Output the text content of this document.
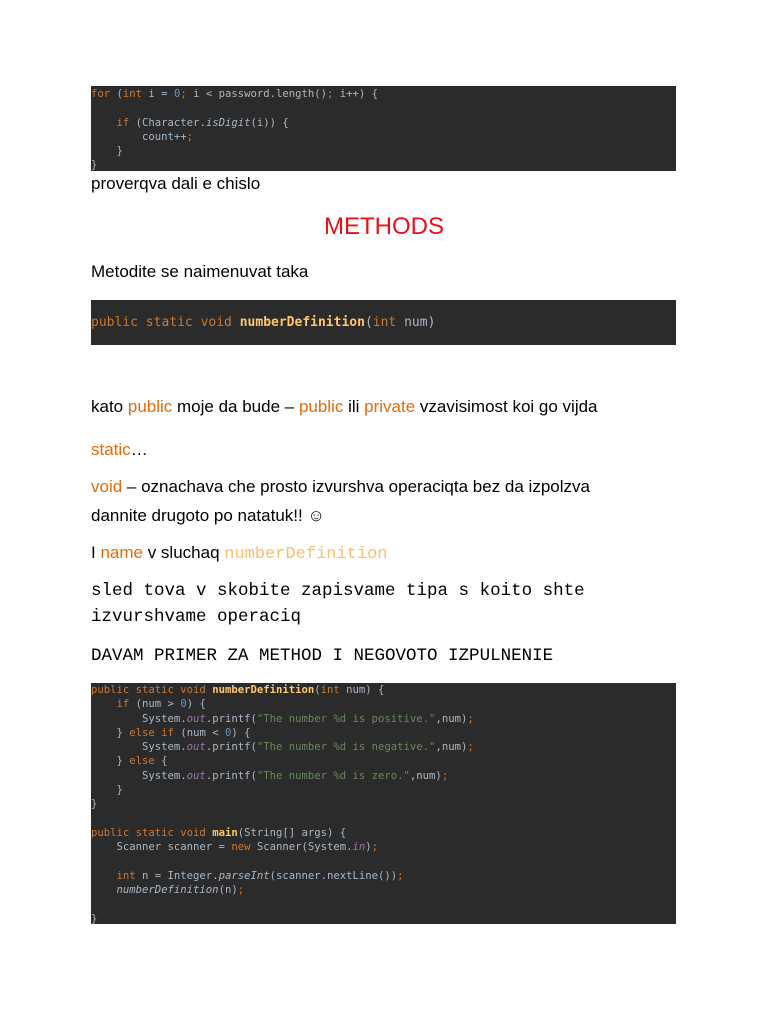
for (int i = 0; i < password.length(); i++) {

if (Character.isDigit(i)) {
count++;
}
}
proverqva dali e chislo
METHODS
Metodite se naimenuvat taka
public static void numberDefinition(int num)
kato public moje da bude – public ili private vzavisimost koi go vijda
static…
void – oznachava che prosto izvurshva operaciqta bez da izpolzva
dannite drugoto po natatuk!! ☺
I name v sluchaq numberDefinition
sled tova v skobite zapisvame tipa s koito shte
izvurshvame operaciq
DAVAM PRIMER ZA METHOD I NEGOVOTO IZPULNENIE
public static void numberDefinition(int num) {
if (num > 0) {
System.out.printf("The number %d is positive.",num);
} else if (num < 0) {
System.out.printf("The number %d is negative.",num);
} else {
System.out.printf("The number %d is zero.",num);
}
}

public static void main(String[] args) {
Scanner scanner = new Scanner(System.in);

int n = Integer.parseInt(scanner.nextLine());
numberDefinition(n);

}
